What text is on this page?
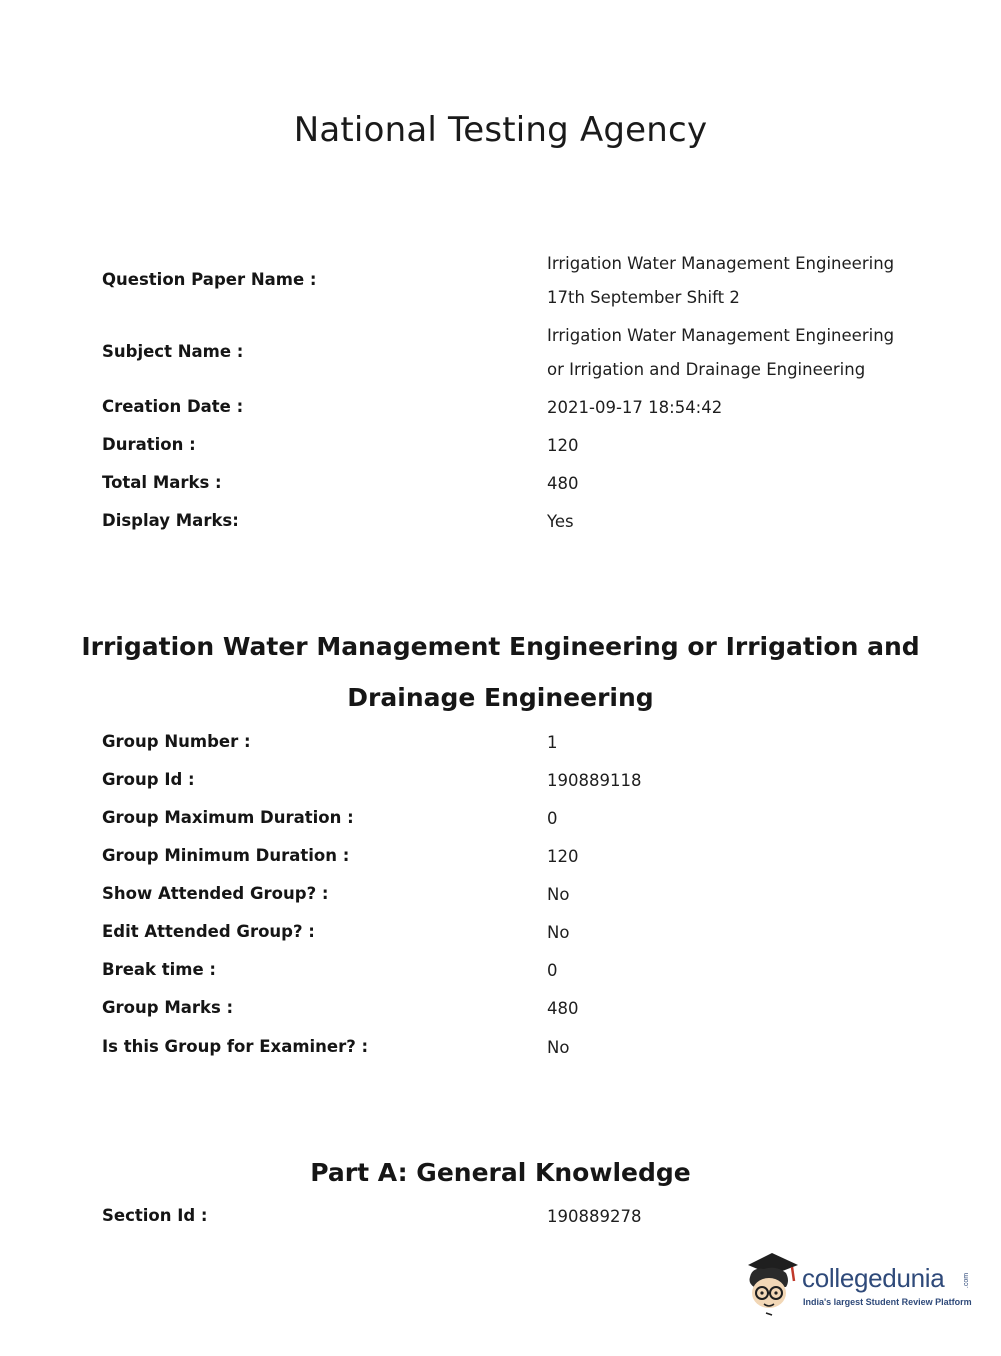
National Testing Agency
Question Paper Name :
Irrigation Water Management Engineering
17th September Shift 2
Subject Name :
Irrigation Water Management Engineering
or Irrigation and Drainage Engineering
Creation Date :	2021-09-17 18:54:42
Duration :	120
Total Marks :	480
Display Marks:	Yes
Irrigation Water Management Engineering or Irrigation and
Drainage Engineering
Group Number :	1
Group Id :	190889118
Group Maximum Duration :	0
Group Minimum Duration :	120
Show Attended Group? :	No
Edit Attended Group? :	No
Break time :	0
Group Marks :	480
Is this Group for Examiner? :	No
Part A: General Knowledge
Section Id :	190889278
collegedunia	.com
India's largest Student Review Platform
